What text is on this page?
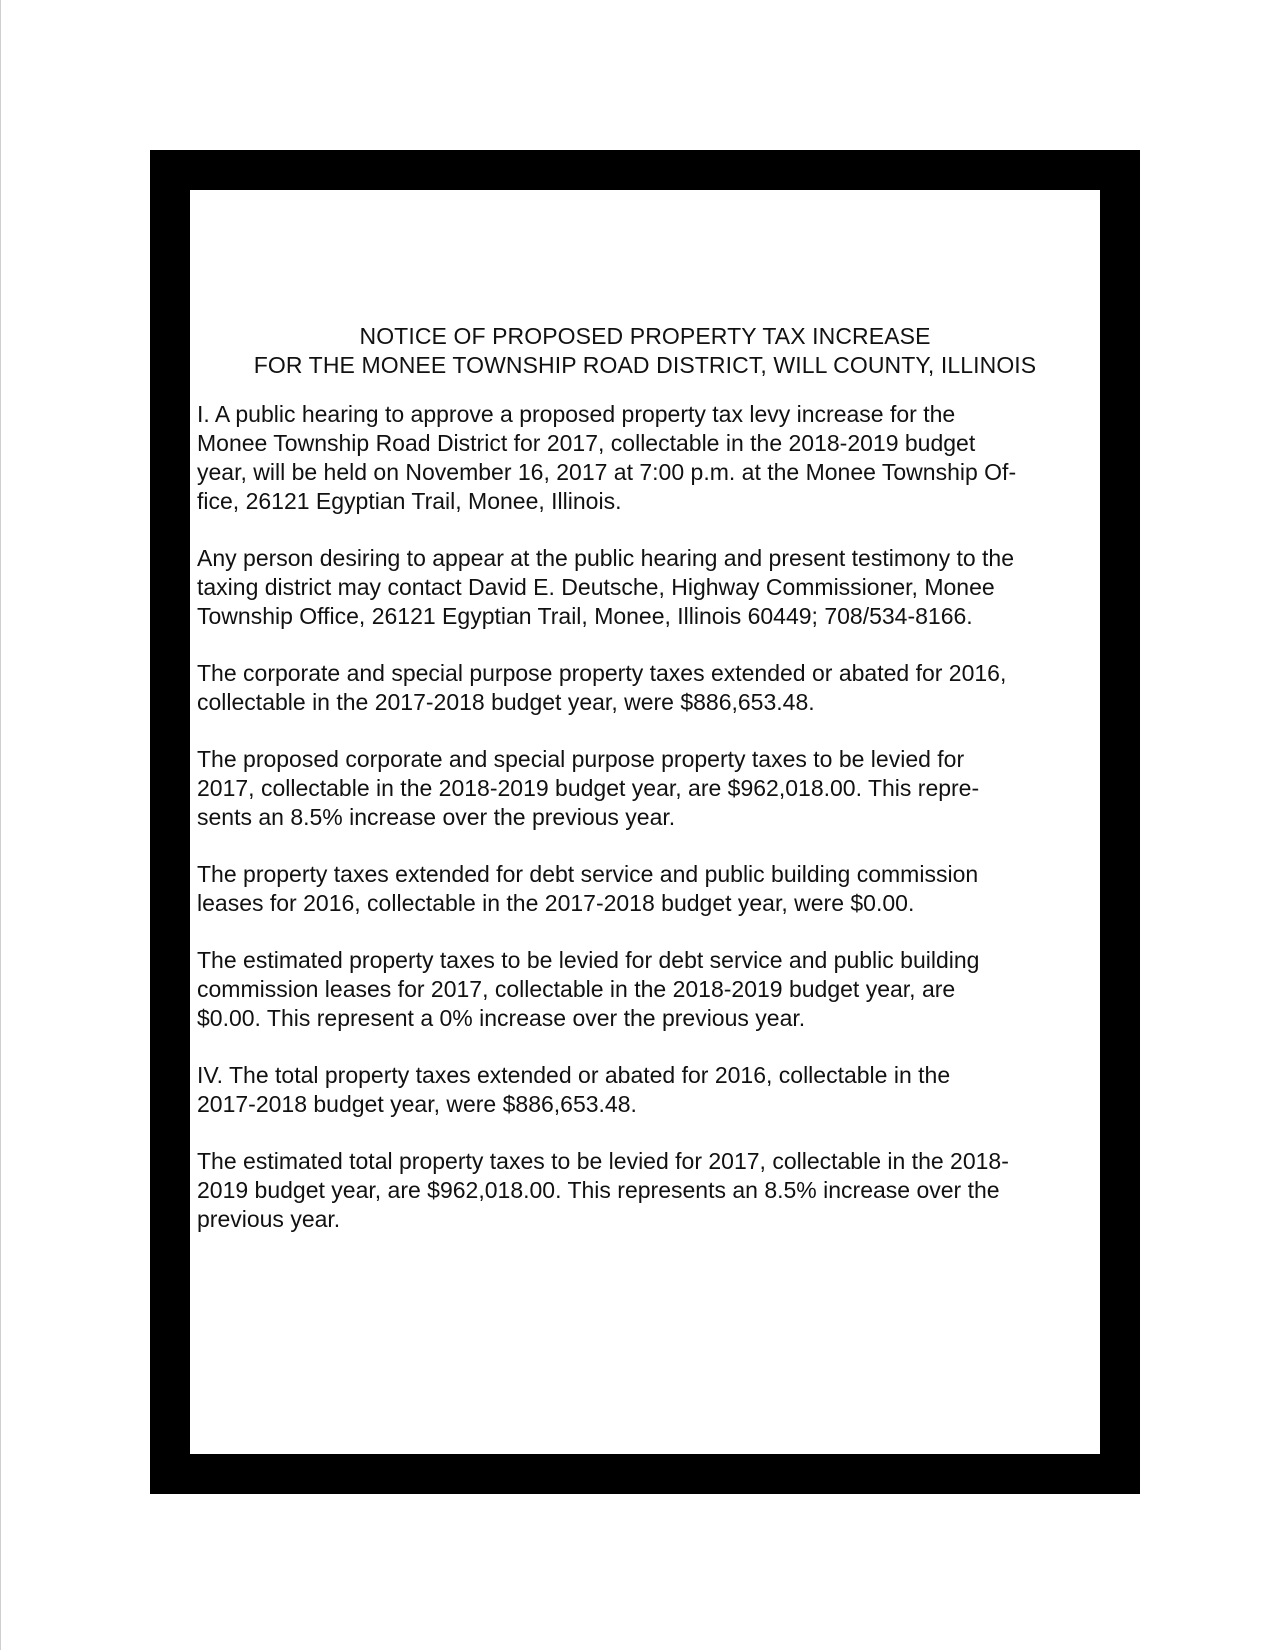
NOTICE OF PROPOSED PROPERTY TAX INCREASE
FOR THE MONEE TOWNSHIP ROAD DISTRICT, WILL COUNTY, ILLINOIS
I. A public hearing to approve a proposed property tax levy increase for the
Monee Township Road District for 2017, collectable in the 2018-2019 budget
year, will be held on November 16, 2017 at 7:00 p.m. at the Monee Township Of-
fice, 26121 Egyptian Trail, Monee, Illinois.
Any person desiring to appear at the public hearing and present testimony to the
taxing district may contact David E. Deutsche, Highway Commissioner, Monee
Township Office, 26121 Egyptian Trail, Monee, Illinois 60449; 708/534-8166.
The corporate and special purpose property taxes extended or abated for 2016,
collectable in the 2017-2018 budget year, were $886,653.48.
The proposed corporate and special purpose property taxes to be levied for
2017, collectable in the 2018-2019 budget year, are $962,018.00. This repre-
sents an 8.5% increase over the previous year.
The property taxes extended for debt service and public building commission
leases for 2016, collectable in the 2017-2018 budget year, were $0.00.
The estimated property taxes to be levied for debt service and public building
commission leases for 2017, collectable in the 2018-2019 budget year, are
$0.00. This represent a 0% increase over the previous year.
IV. The total property taxes extended or abated for 2016, collectable in the
2017-2018 budget year, were $886,653.48.
The estimated total property taxes to be levied for 2017, collectable in the 2018-
2019 budget year, are $962,018.00. This represents an 8.5% increase over the
previous year.
